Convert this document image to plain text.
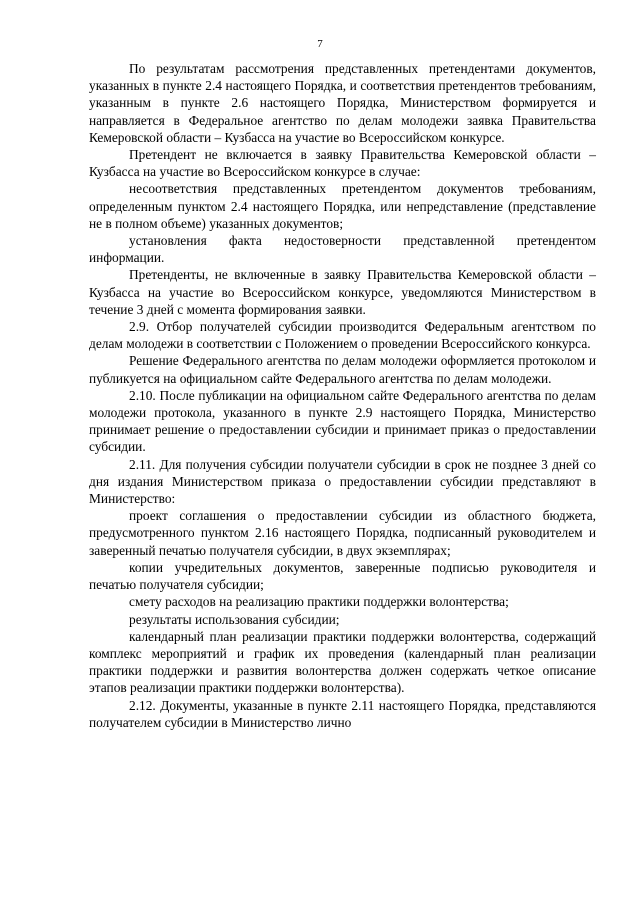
7

По результатам рассмотрения представленных претендентами документов, указанных в пункте 2.4 настоящего Порядка, и соответствия претендентов требованиям, указанным в пункте 2.6 настоящего Порядка, Министерством формируется и направляется в Федеральное агентство по делам молодежи заявка Правительства Кемеровской области – Кузбасса на участие во Всероссийском конкурсе.

Претендент не включается в заявку Правительства Кемеровской области – Кузбасса на участие во Всероссийском конкурсе в случае:

несоответствия представленных претендентом документов требованиям, определенным пунктом 2.4 настоящего Порядка, или непредставление (представление не в полном объеме) указанных документов;

установления факта недостоверности представленной претендентом информации.

Претенденты, не включенные в заявку Правительства Кемеровской области – Кузбасса на участие во Всероссийском конкурсе, уведомляются Министерством в течение 3 дней с момента формирования заявки.

2.9. Отбор получателей субсидии производится Федеральным агентством по делам молодежи в соответствии с Положением о проведении Всероссийского конкурса.

Решение Федерального агентства по делам молодежи оформляется протоколом и публикуется на официальном сайте Федерального агентства по делам молодежи.

2.10. После публикации на официальном сайте Федерального агентства по делам молодежи протокола, указанного в пункте 2.9 настоящего Порядка, Министерство принимает решение о предоставлении субсидии и принимает приказ о предоставлении субсидии.

2.11. Для получения субсидии получатели субсидии в срок не позднее 3 дней со дня издания Министерством приказа о предоставлении субсидии представляют в Министерство:

проект соглашения о предоставлении субсидии из областного бюджета, предусмотренного пунктом 2.16 настоящего Порядка, подписанный руководителем и заверенный печатью получателя субсидии, в двух экземплярах;

копии учредительных документов, заверенные подписью руководителя и печатью получателя субсидии;

смету расходов на реализацию практики поддержки волонтерства;

результаты использования субсидии;

календарный план реализации практики поддержки волонтерства, содержащий комплекс мероприятий и график их проведения (календарный план реализации практики поддержки и развития волонтерства должен содержать четкое описание этапов реализации практики поддержки волонтерства).

2.12. Документы, указанные в пункте 2.11 настоящего Порядка, представляются получателем субсидии в Министерство лично
